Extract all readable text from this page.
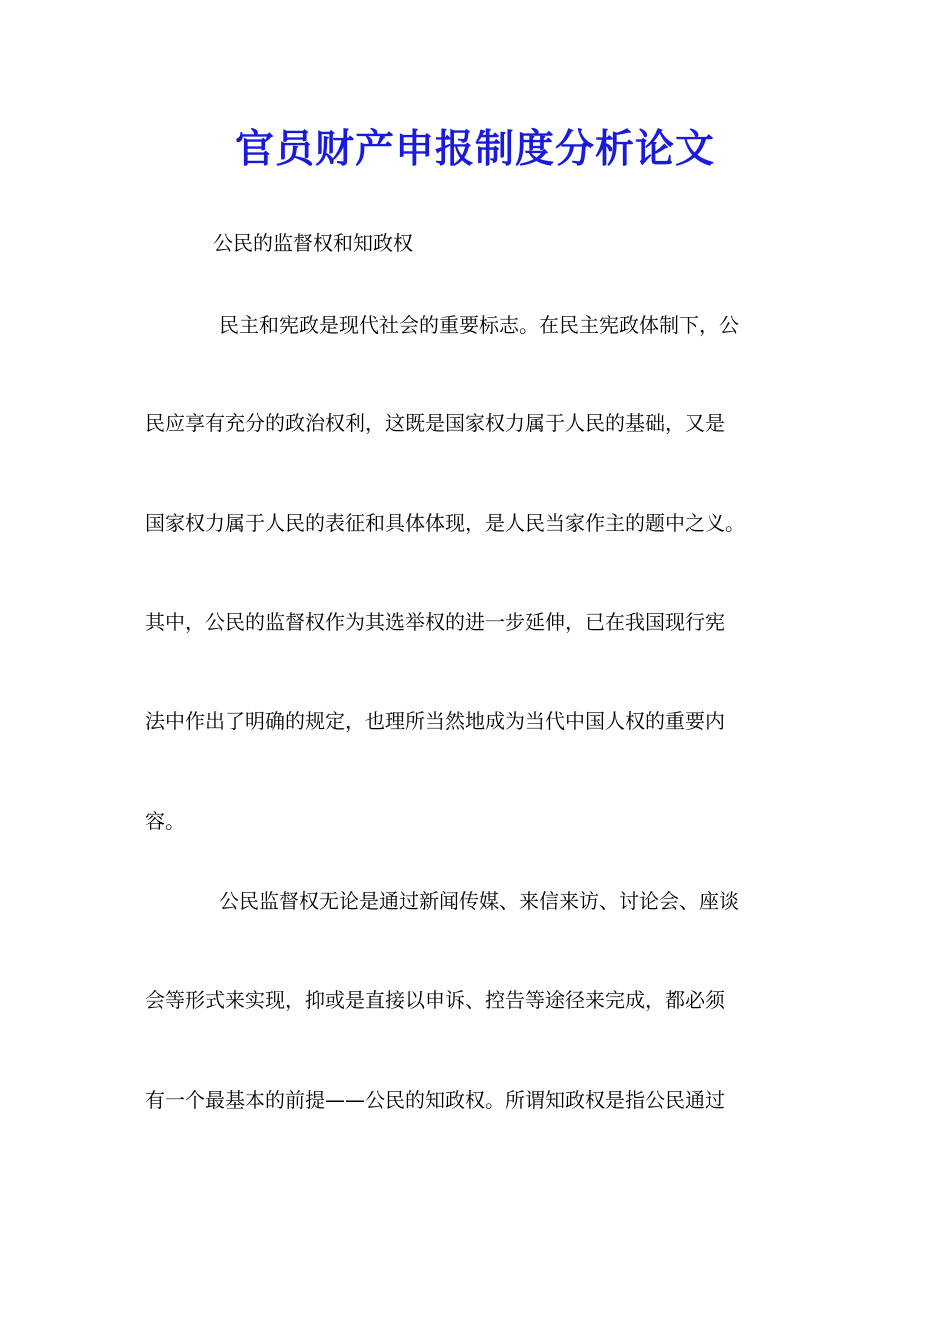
官员财产申报制度分析论文
公民的监督权和知政权
民主和宪政是现代社会的重要标志。在民主宪政体制下，公
民应享有充分的政治权利，这既是国家权力属于人民的基础，又是
国家权力属于人民的表征和具体体现，是人民当家作主的题中之义。
其中，公民的监督权作为其选举权的进一步延伸，已在我国现行宪
法中作出了明确的规定，也理所当然地成为当代中国人权的重要内
容。
公民监督权无论是通过新闻传媒、来信来访、讨论会、座谈
会等形式来实现，抑或是直接以申诉、控告等途径来完成，都必须
有一个最基本的前提——公民的知政权。所谓知政权是指公民通过
